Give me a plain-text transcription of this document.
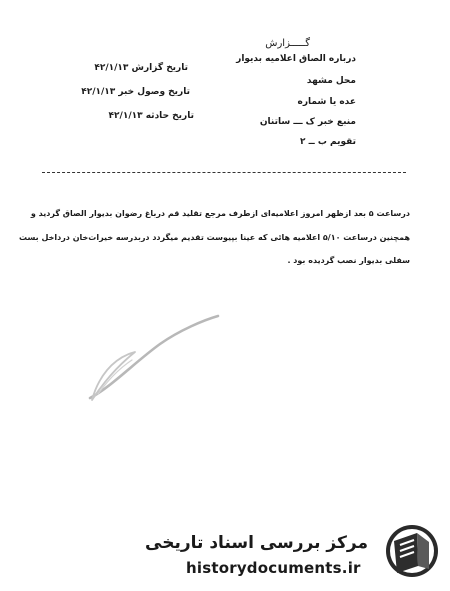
گـــــزارش
درباره الصاق اعلامیه بدیوار
محل مشهد
عده یا شماره
منبع خبر ک ـــ ساتنان
تقویم ب ــ ۲
تاریخ گزارش ۴۲/۱/۱۳
تاریخ وصول خبر ۴۲/۱/۱۳
تاریخ حادثه ۴۲/۱/۱۳
درساعت ۵ بعد ازظهر امروز اعلامیه‌ای ازطرف مرجع تقلید قم درباغ رضوان بدیوار الصاق گردید و
همچنین درساعت ۵/۱۰ اعلامیه هائی که عینا بپیوست تقدیم میگردد دربدرسه خیرات‌خان درداخل بست
سفلی بدیوار نصب گردیده بود .
مرکز بررسی اسناد تاریخی
historydocuments.ir
